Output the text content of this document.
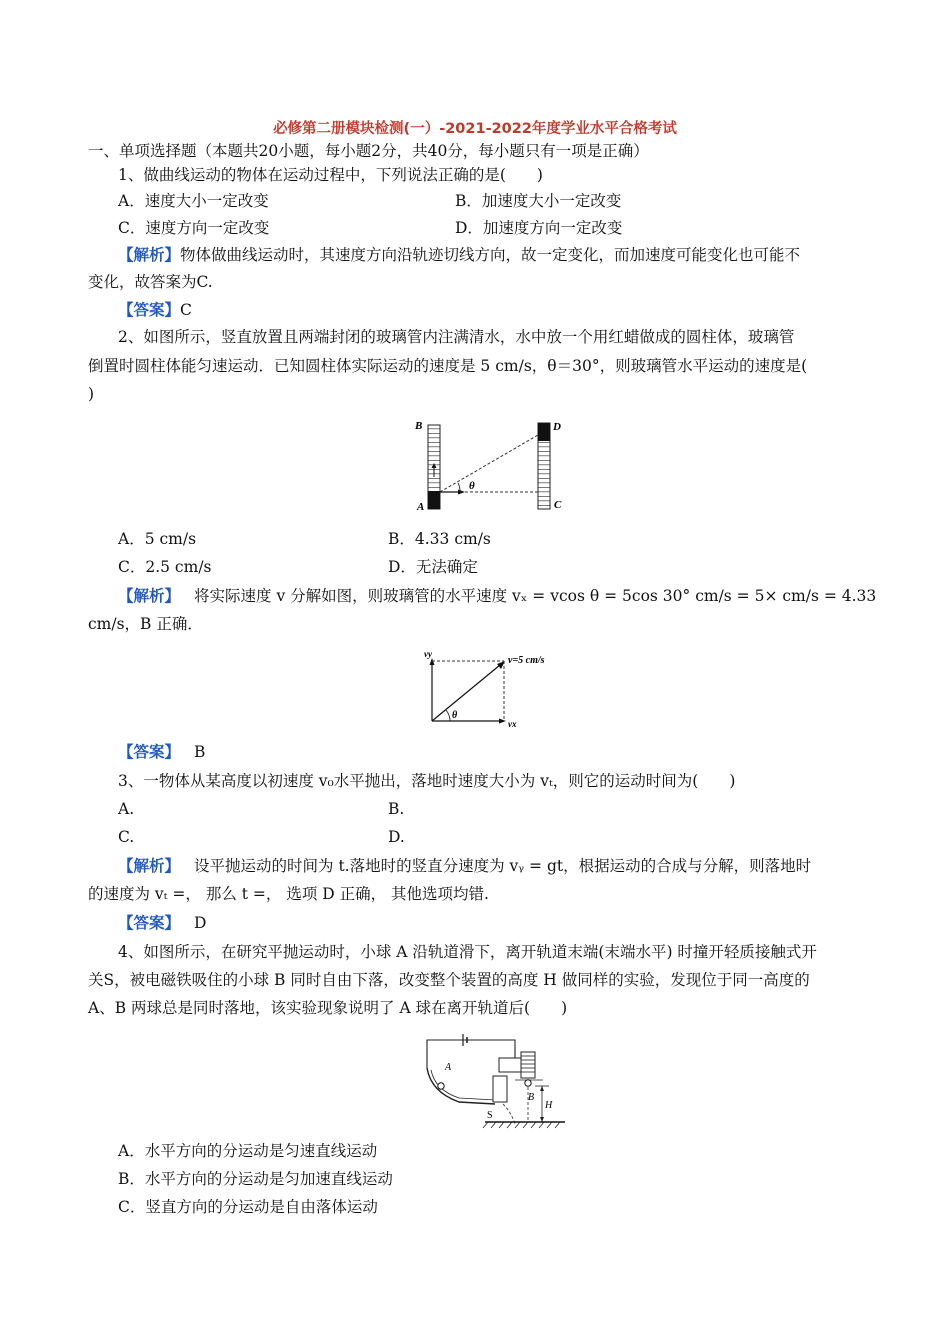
必修第二册模块检测(一）-2021-2022年度学业水平合格考试
一、单项选择题（本题共20小题，每小题2分，共40分，每小题只有一项是正确）
1、做曲线运动的物体在运动过程中，下列说法正确的是(　　)
A．速度大小一定改变	B．加速度大小一定改变
C．速度方向一定改变	D．加速度方向一定改变
【解析】物体做曲线运动时，其速度方向沿轨迹切线方向，故一定变化，而加速度可能变化也可能不
变化，故答案为C.
【答案】C
2、如图所示，竖直放置且两端封闭的玻璃管内注满清水，水中放一个用红蜡做成的圆柱体，玻璃管
倒置时圆柱体能匀速运动．已知圆柱体实际运动的速度是 5 cm/s，θ＝30°，则玻璃管水平运动的速度是(
)
B
A
D
C
θ
A．5 cm/s	B．4.33 cm/s
C．2.5 cm/s	D．无法确定
【解析】 将实际速度 v 分解如图，则玻璃管的水平速度 vₓ = vcos θ = 5cos 30° cm/s = 5× cm/s = 4.33
cm/s，B 正确．
vy
v=5 cm/s
vx
θ
【答案】 B
3、一物体从某高度以初速度 v₀水平抛出，落地时速度大小为 vₜ，则它的运动时间为(　　)
A.	B.
C.	D.
【解析】 设平抛运动的时间为 t.落地时的竖直分速度为 vᵧ = gt，根据运动的合成与分解，则落地时
的速度为 vₜ =， 那么 t =， 选项 D 正确， 其他选项均错.
【答案】 D
4、如图所示，在研究平抛运动时，小球 A 沿轨道滑下，离开轨道末端(末端水平) 时撞开轻质接触式开
关S，被电磁铁吸住的小球 B 同时自由下落，改变整个装置的高度 H 做同样的实验，发现位于同一高度的
A、B 两球总是同时落地，该实验现象说明了 A 球在离开轨道后(　　)
A
B
S
H
A．水平方向的分运动是匀速直线运动
B．水平方向的分运动是匀加速直线运动
C．竖直方向的分运动是自由落体运动
